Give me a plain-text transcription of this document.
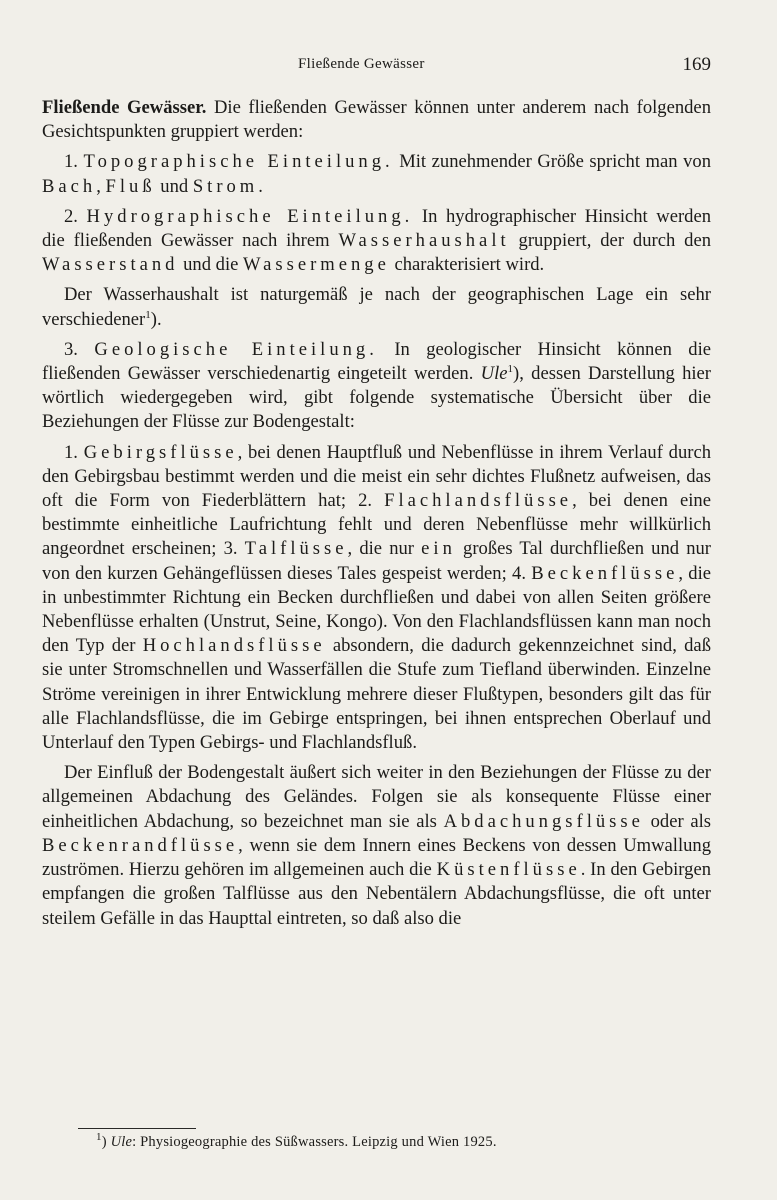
Fließende Gewässer	169

Fließende Gewässer. Die fließenden Gewässer können unter anderem nach folgenden Gesichtspunkten gruppiert werden:

1. Topographische Einteilung. Mit zunehmender Größe spricht man von Bach, Fluß und Strom.

2. Hydrographische Einteilung. In hydrographischer Hinsicht werden die fließenden Gewässer nach ihrem Wasserhaushalt gruppiert, der durch den Wasserstand und die Wassermenge charakterisiert wird.

Der Wasserhaushalt ist naturgemäß je nach der geographischen Lage ein sehr verschiedener$^1$).

3. Geologische Einteilung. In geologischer Hinsicht können die fließenden Gewässer verschiedenartig eingeteilt werden. Ule$^1$), dessen Darstellung hier wörtlich wiedergegeben wird, gibt folgende systematische Übersicht über die Beziehungen der Flüsse zur Bodengestalt:

1. Gebirgsflüsse, bei denen Hauptfluß und Nebenflüsse in ihrem Verlauf durch den Gebirgsbau bestimmt werden und die meist ein sehr dichtes Flußnetz aufweisen, das oft die Form von Fiederblättern hat; 2. Flachlandsflüsse, bei denen eine bestimmte einheitliche Laufrichtung fehlt und deren Nebenflüsse mehr willkürlich angeordnet erscheinen; 3. Talflüsse, die nur ein großes Tal durchfließen und nur von den kurzen Gehängeflüssen dieses Tales gespeist werden; 4. Beckenflüsse, die in unbestimmter Richtung ein Becken durchfließen und dabei von allen Seiten größere Nebenflüsse erhalten (Unstrut, Seine, Kongo). Von den Flachlandsflüssen kann man noch den Typ der Hochlandsflüsse absondern, die dadurch gekennzeichnet sind, daß sie unter Stromschnellen und Wasserfällen die Stufe zum Tiefland überwinden. Einzelne Ströme vereinigen in ihrer Entwicklung mehrere dieser Flußtypen, besonders gilt das für alle Flachlandsflüsse, die im Gebirge entspringen, bei ihnen entsprechen Oberlauf und Unterlauf den Typen Gebirgs- und Flachlandsfluß.

Der Einfluß der Bodengestalt äußert sich weiter in den Beziehungen der Flüsse zu der allgemeinen Abdachung des Geländes. Folgen sie als konsequente Flüsse einer einheitlichen Abdachung, so bezeichnet man sie als Abdachungsflüsse oder als Beckenrandflüsse, wenn sie dem Innern eines Beckens von dessen Umwallung zuströmen. Hierzu gehören im allgemeinen auch die Küstenflüsse. In den Gebirgen empfangen die großen Talflüsse aus den Nebentälern Abdachungsflüsse, die oft unter steilem Gefälle in das Haupttal eintreten, so daß also die

$^1$) Ule: Physiogeographie des Süßwassers. Leipzig und Wien 1925.
